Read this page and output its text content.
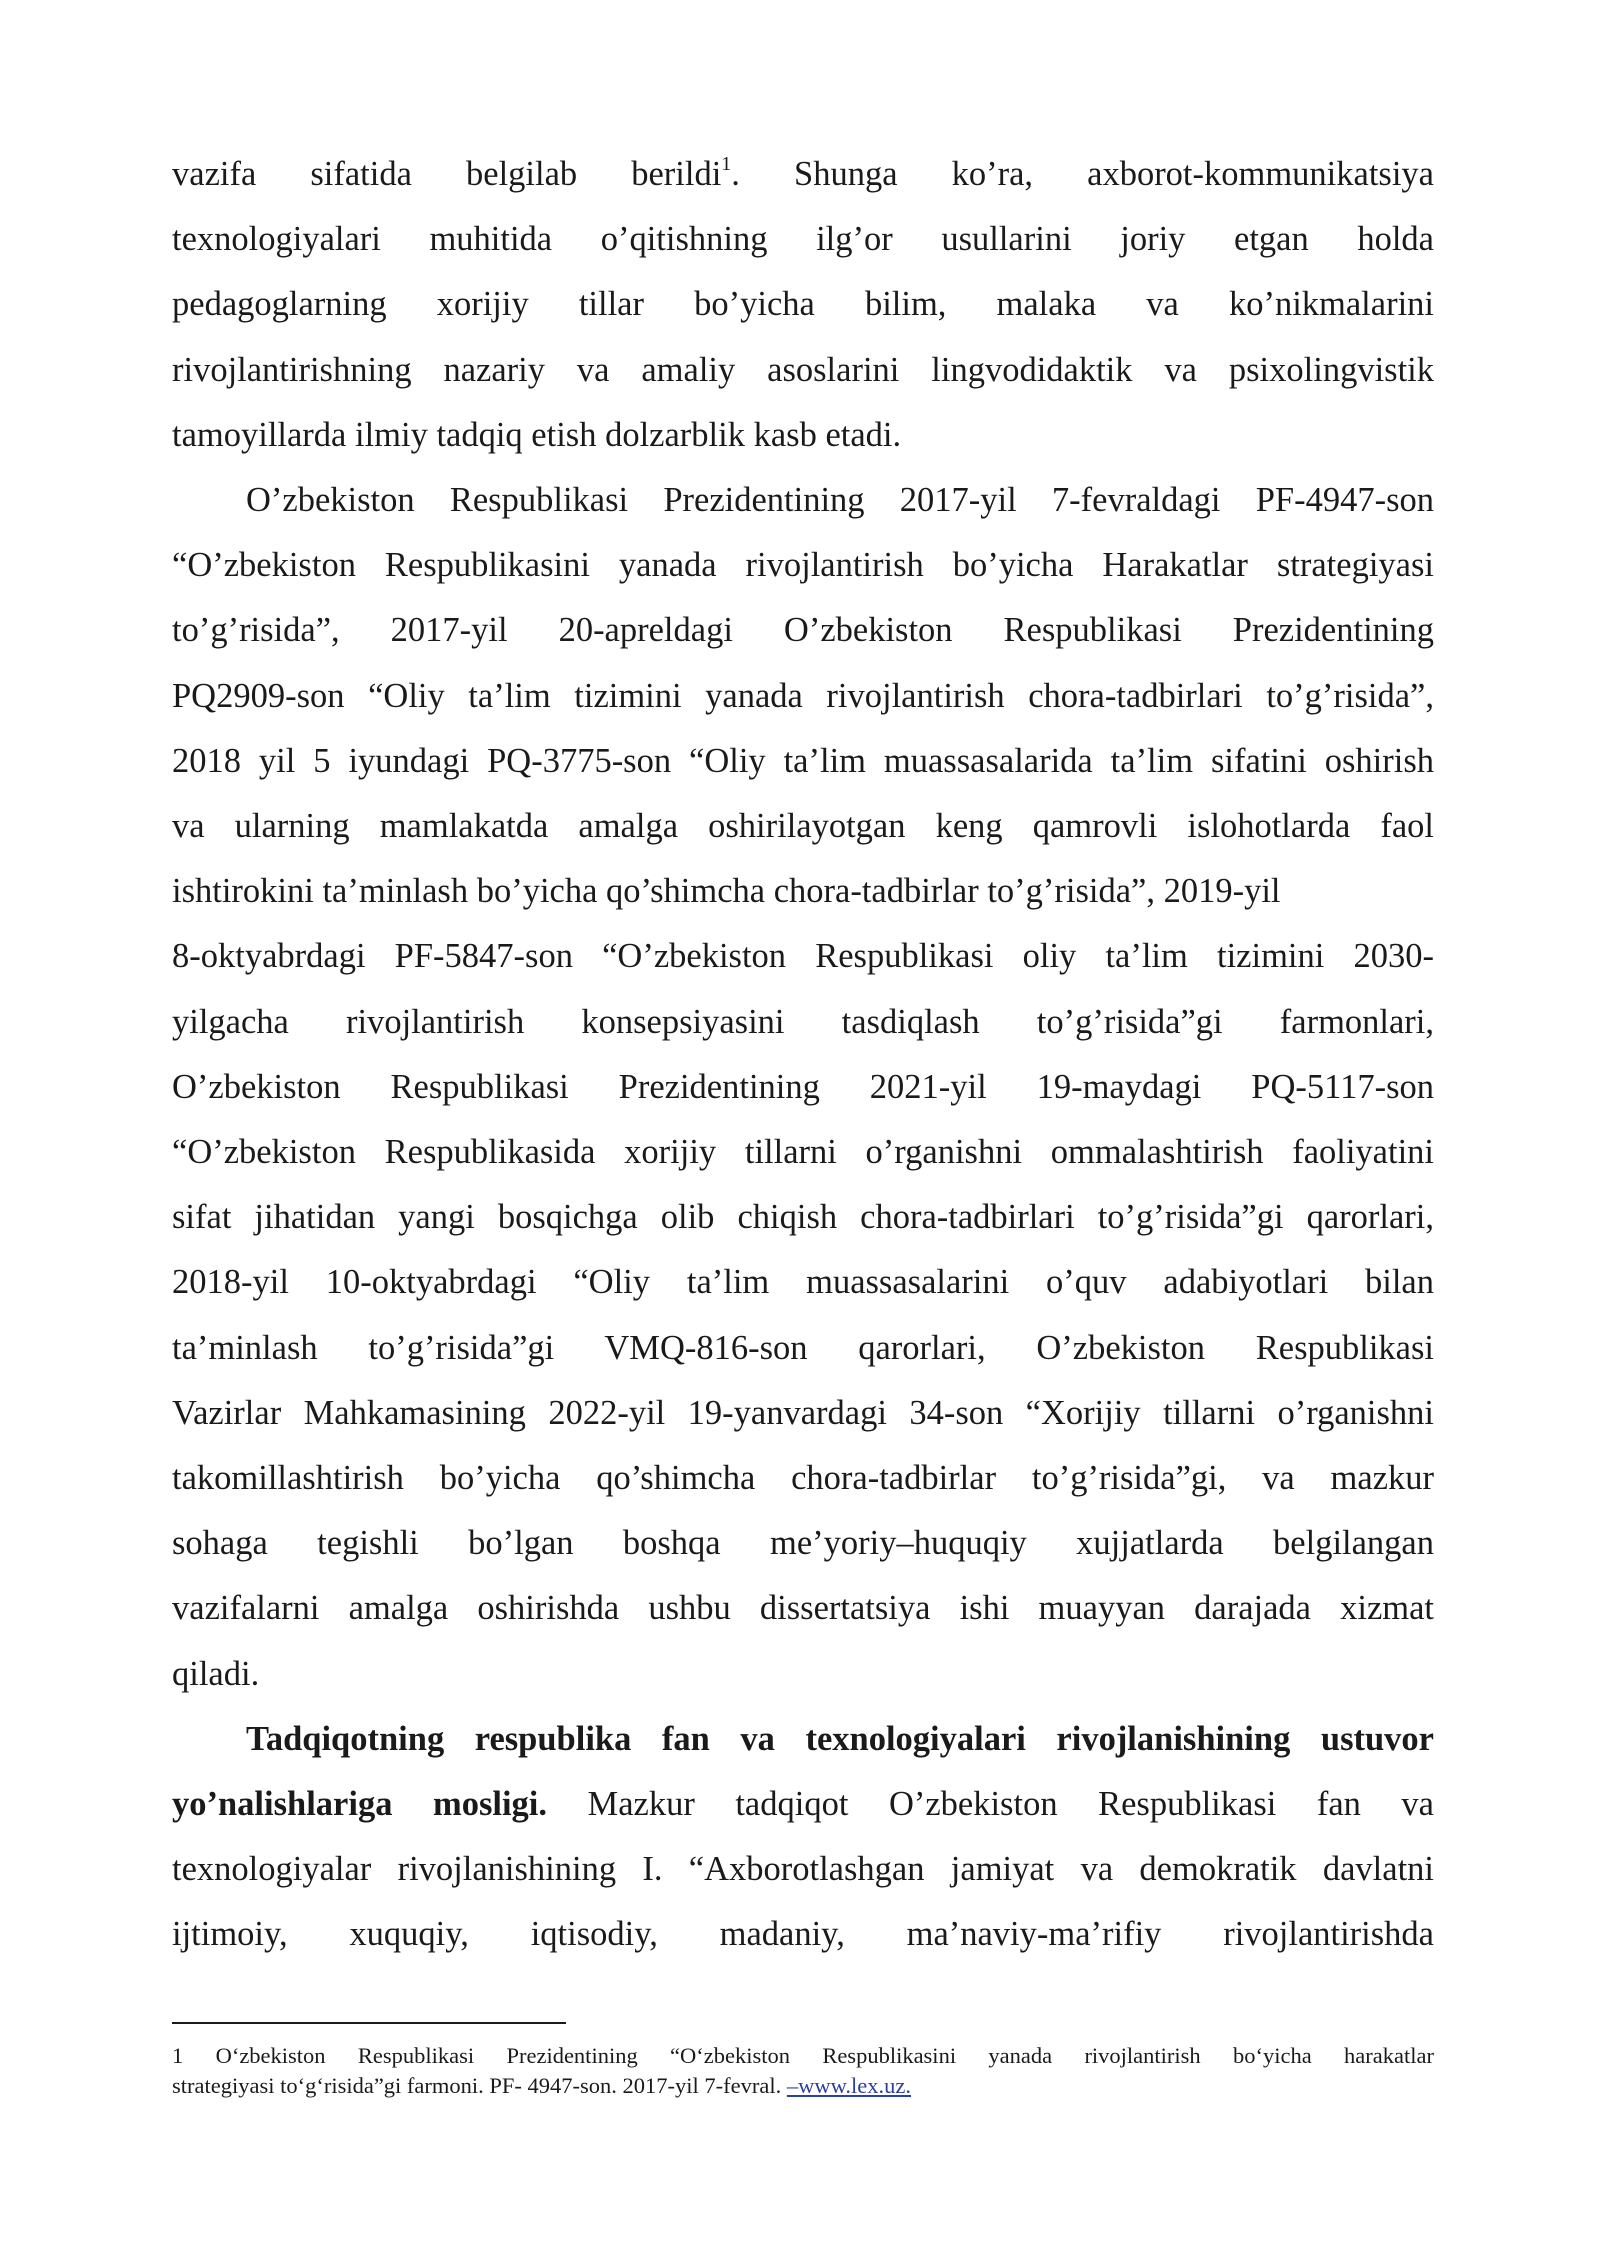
vazifa sifatida belgilab berildi$^1$. Shunga ko’ra, axborot-kommunikatsiya
texnologiyalari muhitida o’qitishning ilg’or usullarini joriy etgan holda
pedagoglarning xorijiy tillar bo’yicha bilim, malaka va ko’nikmalarini
rivojlantirishning nazariy va amaliy asoslarini lingvodidaktik va psixolingvistik
tamoyillarda ilmiy tadqiq etish dolzarblik kasb etadi.

O’zbekiston Respublikasi Prezidentining 2017-yil 7-fevraldagi PF-4947-son
“O’zbekiston Respublikasini yanada rivojlantirish bo’yicha Harakatlar strategiyasi
to’g’risida”, 2017-yil 20-apreldagi O’zbekiston Respublikasi Prezidentining
PQ2909-son “Oliy ta’lim tizimini yanada rivojlantirish chora-tadbirlari to’g’risida”,
2018 yil 5 iyundagi PQ-3775-son “Oliy ta’lim muassasalarida ta’lim sifatini oshirish
va ularning mamlakatda amalga oshirilayotgan keng qamrovli islohotlarda faol
ishtirokini ta’minlash bo’yicha qo’shimcha chora-tadbirlar to’g’risida”, 2019-yil
8-oktyabrdagi PF-5847-son “O’zbekiston Respublikasi oliy ta’lim tizimini 2030-
yilgacha rivojlantirish konsepsiyasini tasdiqlash to’g’risida”gi farmonlari,
O’zbekiston Respublikasi Prezidentining 2021-yil 19-maydagi PQ-5117-son
“O’zbekiston Respublikasida xorijiy tillarni o’rganishni ommalashtirish faoliyatini
sifat jihatidan yangi bosqichga olib chiqish chora-tadbirlari to’g’risida”gi qarorlari,
2018-yil 10-oktyabrdagi “Oliy ta’lim muassasalarini o’quv adabiyotlari bilan
ta’minlash to’g’risida”gi VMQ-816-son qarorlari, O’zbekiston Respublikasi
Vazirlar Mahkamasining 2022-yil 19-yanvardagi 34-son “Xorijiy tillarni o’rganishni
takomillashtirish bo’yicha qo’shimcha chora-tadbirlar to’g’risida”gi, va mazkur
sohaga tegishli bo’lgan boshqa me’yoriy–huquqiy xujjatlarda belgilangan
vazifalarni amalga oshirishda ushbu dissertatsiya ishi muayyan darajada xizmat
qiladi.

Tadqiqotning respublika fan va texnologiyalari rivojlanishining ustuvor
yo’nalishlariga mosligi. Mazkur tadqiqot O’zbekiston Respublikasi fan va
texnologiyalar rivojlanishining I. “Axborotlashgan jamiyat va demokratik davlatni
ijtimoiy, xuquqiy, iqtisodiy, madaniy, ma’naviy-ma’rifiy rivojlantirishda

1 O‘zbekiston Respublikasi Prezidentining “O‘zbekiston Respublikasini yanada rivojlantirish bo‘yicha harakatlar
strategiyasi to‘g‘risida”gi farmoni. PF- 4947-son. 2017-yil 7-fevral. –www.lex.uz.
